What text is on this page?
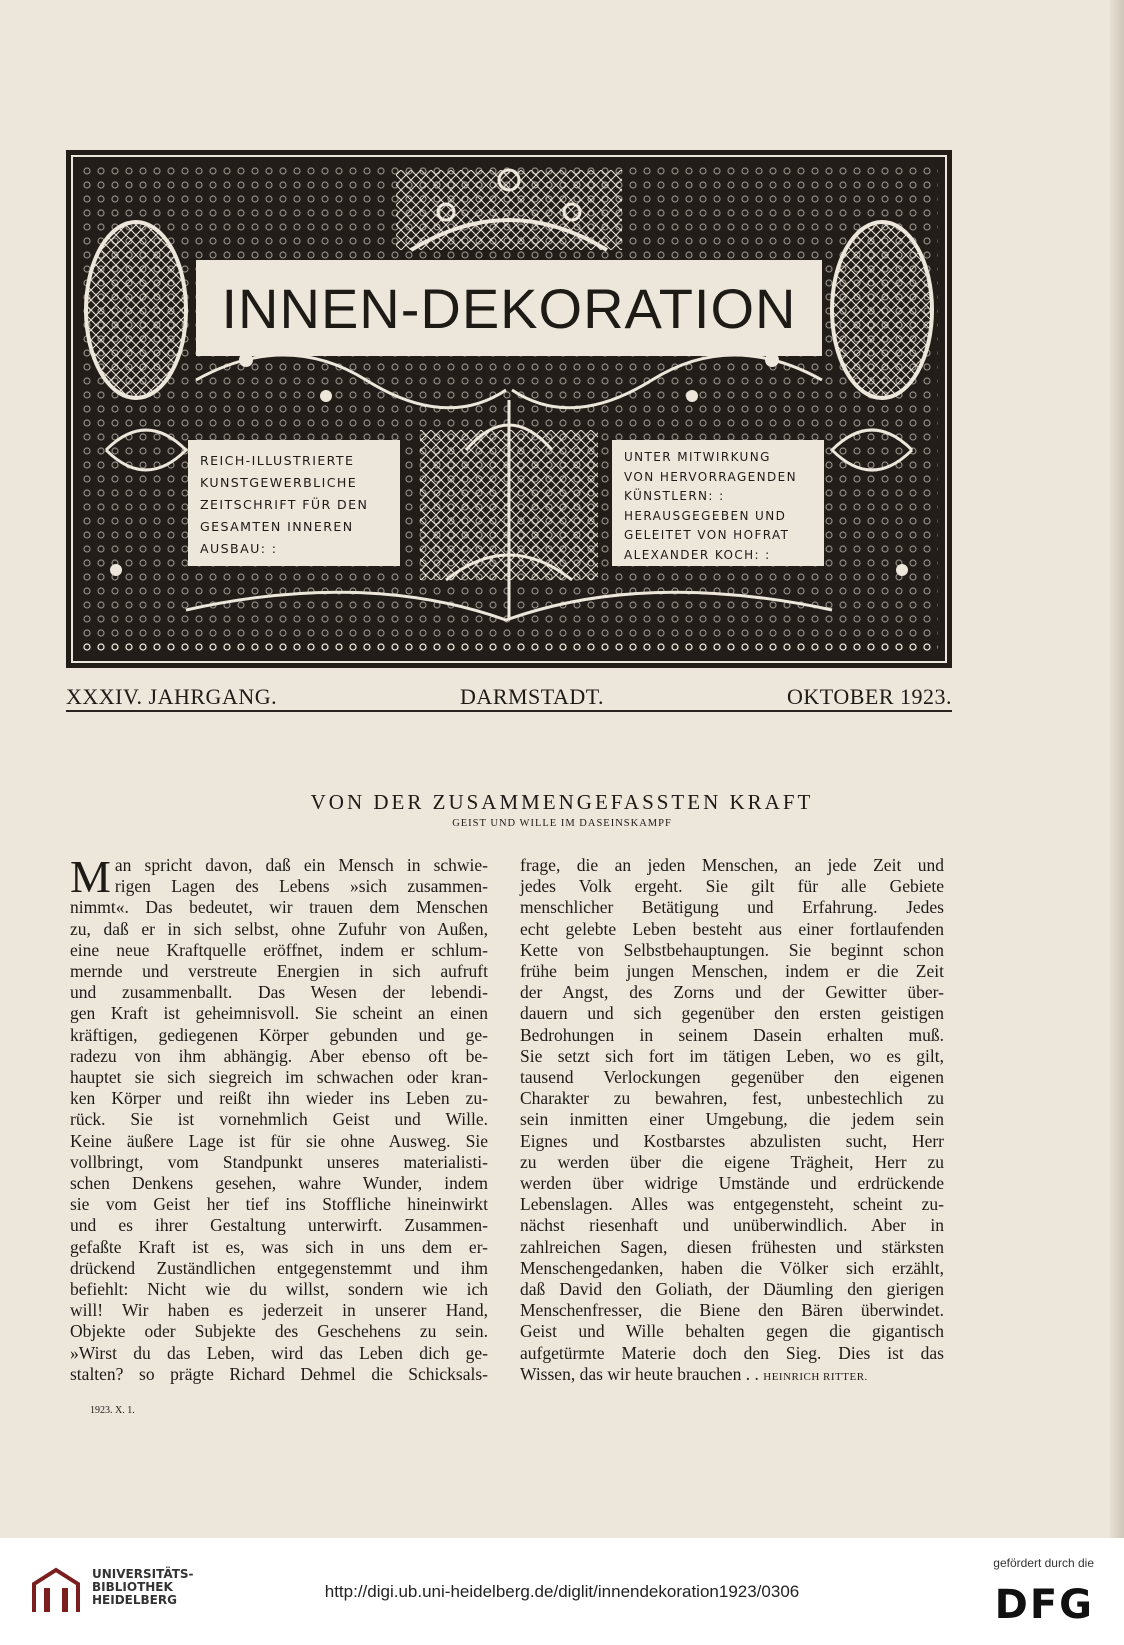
INNEN-DEKORATION
REICH-ILLUSTRIERTE
KUNSTGEWERBLICHE
ZEITSCHRIFT FÜR DEN
GESAMTEN INNEREN
AUSBAU: :
UNTER MITWIRKUNG
VON HERVORRAGENDEN
KÜNSTLERN: :
HERAUSGEGEBEN UND
GELEITET VON HOFRAT
ALEXANDER KOCH: :
XXXIV. JAHRGANG.	DARMSTADT.	OKTOBER 1923.
VON DER ZUSAMMENGEFASSTEN KRAFT
GEIST UND WILLE IM DASEINSKAMPF
M an spricht davon, daß ein Mensch in schwie-
rigen Lagen des Lebens »sich zusammen-
nimmt«. Das bedeutet, wir trauen dem Menschen
zu, daß er in sich selbst, ohne Zufuhr von Außen,
eine neue Kraftquelle eröffnet, indem er schlum-
mernde und verstreute Energien in sich aufruft
und zusammenballt. Das Wesen der lebendi-
gen Kraft ist geheimnisvoll. Sie scheint an einen
kräftigen, gediegenen Körper gebunden und ge-
radezu von ihm abhängig. Aber ebenso oft be-
hauptet sie sich siegreich im schwachen oder kran-
ken Körper und reißt ihn wieder ins Leben zu-
rück. Sie ist vornehmlich Geist und Wille.
Keine äußere Lage ist für sie ohne Ausweg. Sie
vollbringt, vom Standpunkt unseres materialisti-
schen Denkens gesehen, wahre Wunder, indem
sie vom Geist her tief ins Stoffliche hineinwirkt
und es ihrer Gestaltung unterwirft. Zusammen-
gefaßte Kraft ist es, was sich in uns dem er-
drückend Zuständlichen entgegenstemmt und ihm
befiehlt: Nicht wie du willst, sondern wie ich
will! Wir haben es jederzeit in unserer Hand,
Objekte oder Subjekte des Geschehens zu sein.
»Wirst du das Leben, wird das Leben dich ge-
stalten? so prägte Richard Dehmel die Schicksals-
frage, die an jeden Menschen, an jede Zeit und
jedes Volk ergeht. Sie gilt für alle Gebiete
menschlicher Betätigung und Erfahrung. Jedes
echt gelebte Leben besteht aus einer fortlaufenden
Kette von Selbstbehauptungen. Sie beginnt schon
frühe beim jungen Menschen, indem er die Zeit
der Angst, des Zorns und der Gewitter über-
dauern und sich gegenüber den ersten geistigen
Bedrohungen in seinem Dasein erhalten muß.
Sie setzt sich fort im tätigen Leben, wo es gilt,
tausend Verlockungen gegenüber den eigenen
Charakter zu bewahren, fest, unbestechlich zu
sein inmitten einer Umgebung, die jedem sein
Eignes und Kostbarstes abzulisten sucht, Herr
zu werden über die eigene Trägheit, Herr zu
werden über widrige Umstände und erdrückende
Lebenslagen. Alles was entgegensteht, scheint zu-
nächst riesenhaft und unüberwindlich. Aber in
zahlreichen Sagen, diesen frühesten und stärksten
Menschengedanken, haben die Völker sich erzählt,
daß David den Goliath, der Däumling den gierigen
Menschenfresser, die Biene den Bären überwindet.
Geist und Wille behalten gegen die gigantisch
aufgetürmte Materie doch den Sieg. Dies ist das
Wissen, das wir heute brauchen . . HEINRICH RITTER.
1923. X. 1.
UNIVERSITÄTS-
BIBLIOTHEK
HEIDELBERG	http://digi.ub.uni-heidelberg.de/diglit/innendekoration1923/0306
gefördert durch die
DFG
